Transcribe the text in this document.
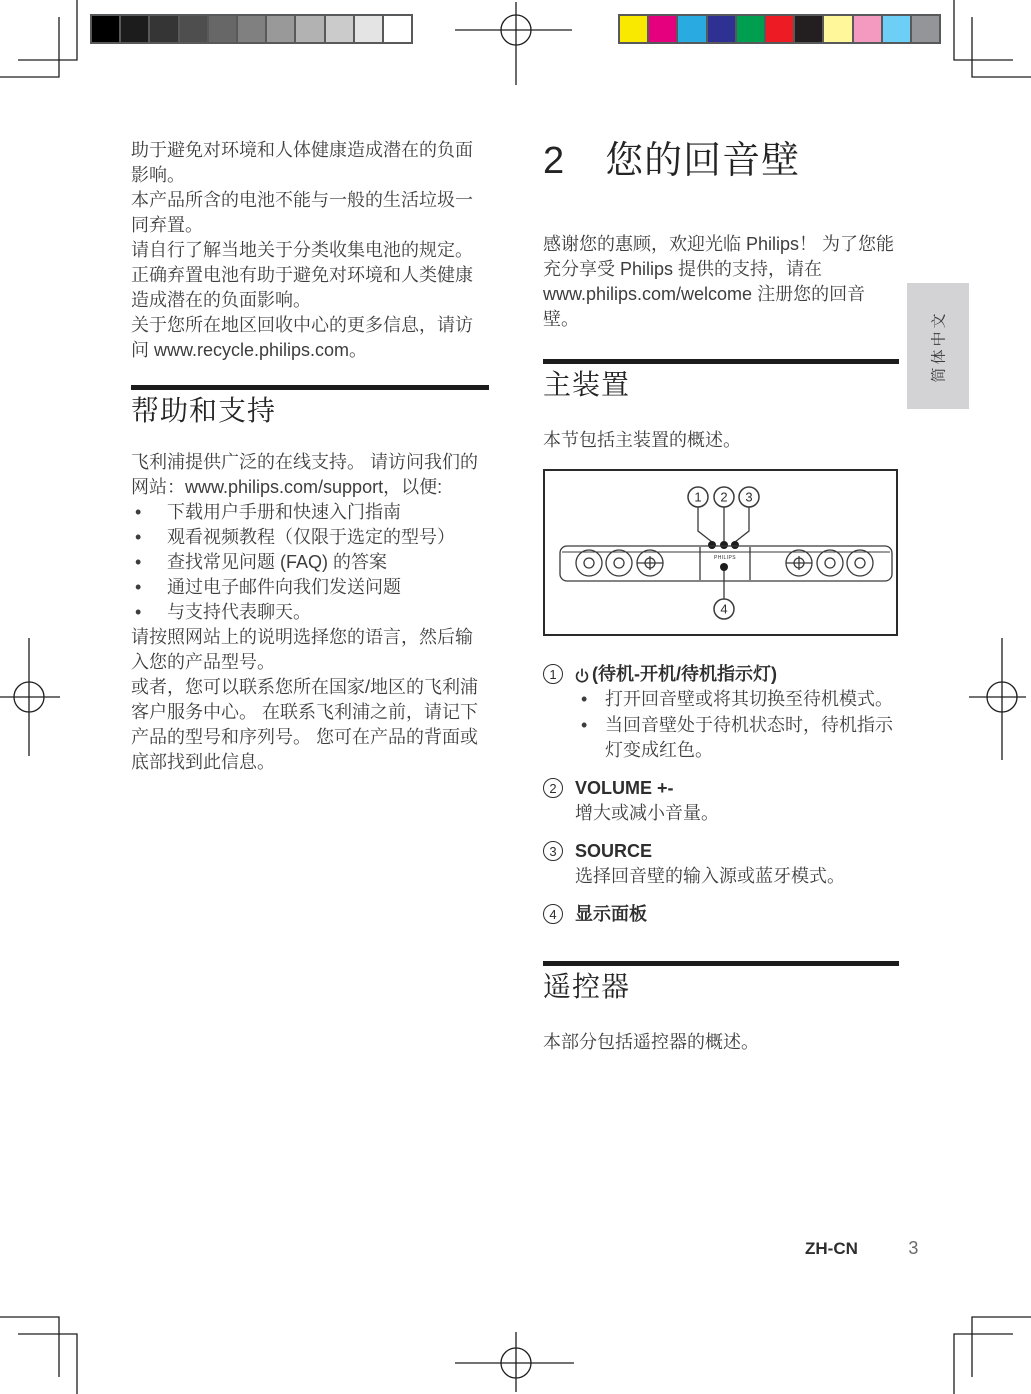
简体中文

助于避免对环境和人体健康造成潜在的负面影响。

本产品所含的电池不能与一般的生活垃圾一同弃置。

请自行了解当地关于分类收集电池的规定。 正确弃置电池有助于避免对环境和人类健康造成潜在的负面影响。

关于您所在地区回收中心的更多信息，请访问 www.recycle.philips.com。

帮助和支持

飞利浦提供广泛的在线支持。 请访问我们的网站：www.philips.com/support，以便:

• 下载用户手册和快速入门指南
• 观看视频教程（仅限于选定的型号）
• 查找常见问题 (FAQ) 的答案
• 通过电子邮件向我们发送问题
• 与支持代表聊天。

请按照网站上的说明选择您的语言，然后输入您的产品型号。

或者，您可以联系您所在国家/地区的飞利浦客户服务中心。 在联系飞利浦之前，请记下产品的型号和序列号。 您可在产品的背面或底部找到此信息。

2 您的回音壁

感谢您的惠顾，欢迎光临 Philips！ 为了您能充分享受 Philips 提供的支持，请在 www.philips.com/welcome 注册您的回音壁。

主装置

本节包括主装置的概述。

1 2 3
4
PHILIPS
1	(待机-开机/待机指示灯)
• 打开回音壁或将其切换至待机模式。
• 当回音壁处于待机状态时，待机指示灯变成红色。
2	VOLUME +-

增大或减小音量。

3	SOURCE

选择回音壁的输入源或蓝牙模式。

4	显示面板
遥控器

本部分包括遥控器的概述。

ZH-CN	3
